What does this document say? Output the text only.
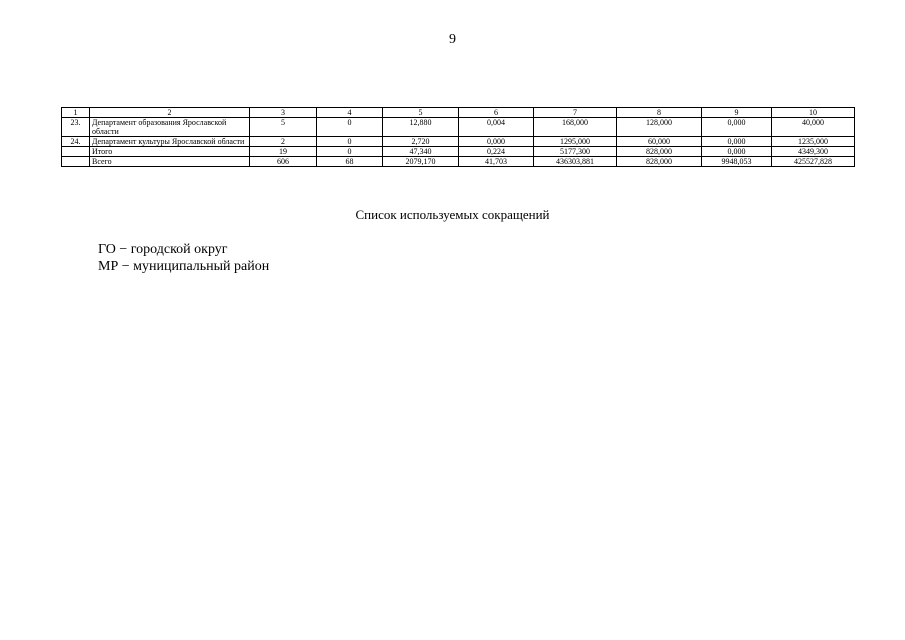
9
1	2	3	4	5	6	7	8	9	10
23.	Департамент образования Ярославской области	5	0	12,880	0,004	168,000	128,000	0,000	40,000
24.	Департамент культуры Ярославской области	2	0	2,720	0,000	1295,000	60,000	0,000	1235,000
	Итого	19	0	47,340	0,224	5177,300	828,000	0,000	4349,300
	Всего	606	68	2079,170	41,703	436303,881	828,000	9948,053	425527,828
Список используемых сокращений
ГО − городской округ
МР − муниципальный район
